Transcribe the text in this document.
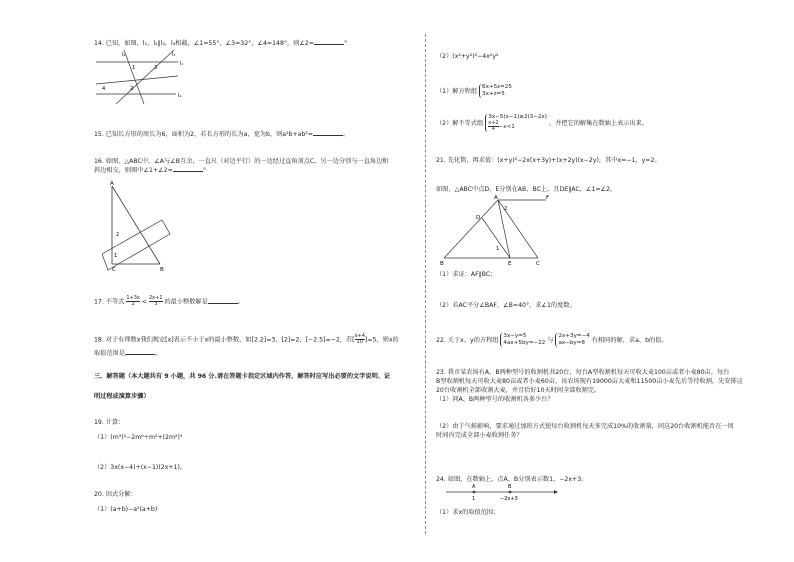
14. 已知，如图，l₁，l₂∥l₃，l₄相截，∠1=55°，∠3=32°，∠4=148°，则∠2=	°
l₄	l₃
l₁
l₂
1	3
4	2
15. 已知长方形的周长为6，面积为2，若长方形的长为a，宽为b，则a²b+ab²=	。
16. 如图，△ABC中，∠A与∠B互余，一直尺（对边平行）的一边经过直角顶点C，另一边分别与一直角边和
斜边相交，则图中∠1+∠2=	°
A
C	B
1
2
17. 不等式 $\frac{1+3x}{2} < \frac{2x+1}{3}$ 的最小整数解是	。
18. 对于有理数x我们规定[x]表示不小于x的最小整数，如[2.2]=3，[2]=2，[−2.5]=−2，若[ $\frac{x+4}{10} ]=5$，则x的
取值范围是	。
三、解答题（本大题共有 9 小题，共 96 分.请在答题卡指定区域内作答，解答时应写出必要的文字说明、证
明过程或演算步骤）
19. 计算：
（1）(m³)²−2m⁶÷m²+(2m²)³
（2）3x(x−4)+(x−1)(2x+1)。
20. 因式分解：
（1）(a+b)−a²(a+b)
（2）(x²+y²)²−4x²y²
（1）解方程组
6x+5z=25
3x+z=5
（2）解不等式组
3x−5(x−1)≥2(3−2x)
$\frac{x+2}{4} -x<1$	，并把它的解集在数轴上表示出来。
21. 先化简，再求值：(x+y)²−2x(x+3y)+(x+2y)(x−2y)，其中x=−1，y=2。
如图，△ABC中点D、E分别在AB、BC上，且DE∥AC，∠1=∠2。
A	F
D
2
1
B	E	C
（1）求证：AF∥BC；
（2）若AC平分∠BAF，∠B=40°，求∠1的度数。
22. 关于x、y的方程组
3x−y=5
4ax+5by=−22 与
2x+3y=−4
ax−by=8	有相同的解，求a、b的值。
23. 我市某农场有A、B两种型号的收割机共20台，每台A型收割机每天可收大麦100亩或者小麦80亩，每台
B型收割机每天可收大麦80亩或者小麦60亩，该农场现有19000亩大麦和11500亩小麦先后等待收割，先安排这
20台收割机全部收割大麦，并且恰好10天时间全部收割完。
（1）问A、B两种型号的收割机各多少台？
（2）由于气候影响，要求通过加班方式使每台收割机每天多完成10%的收割量，问这20台收割机能否在一周
时间内完成全部小麦收割任务？
24. 如图，在数轴上，点A、B分别表示数1、−2x+3。
A	B
1	−2x+3
（1）求x的取值范围；
